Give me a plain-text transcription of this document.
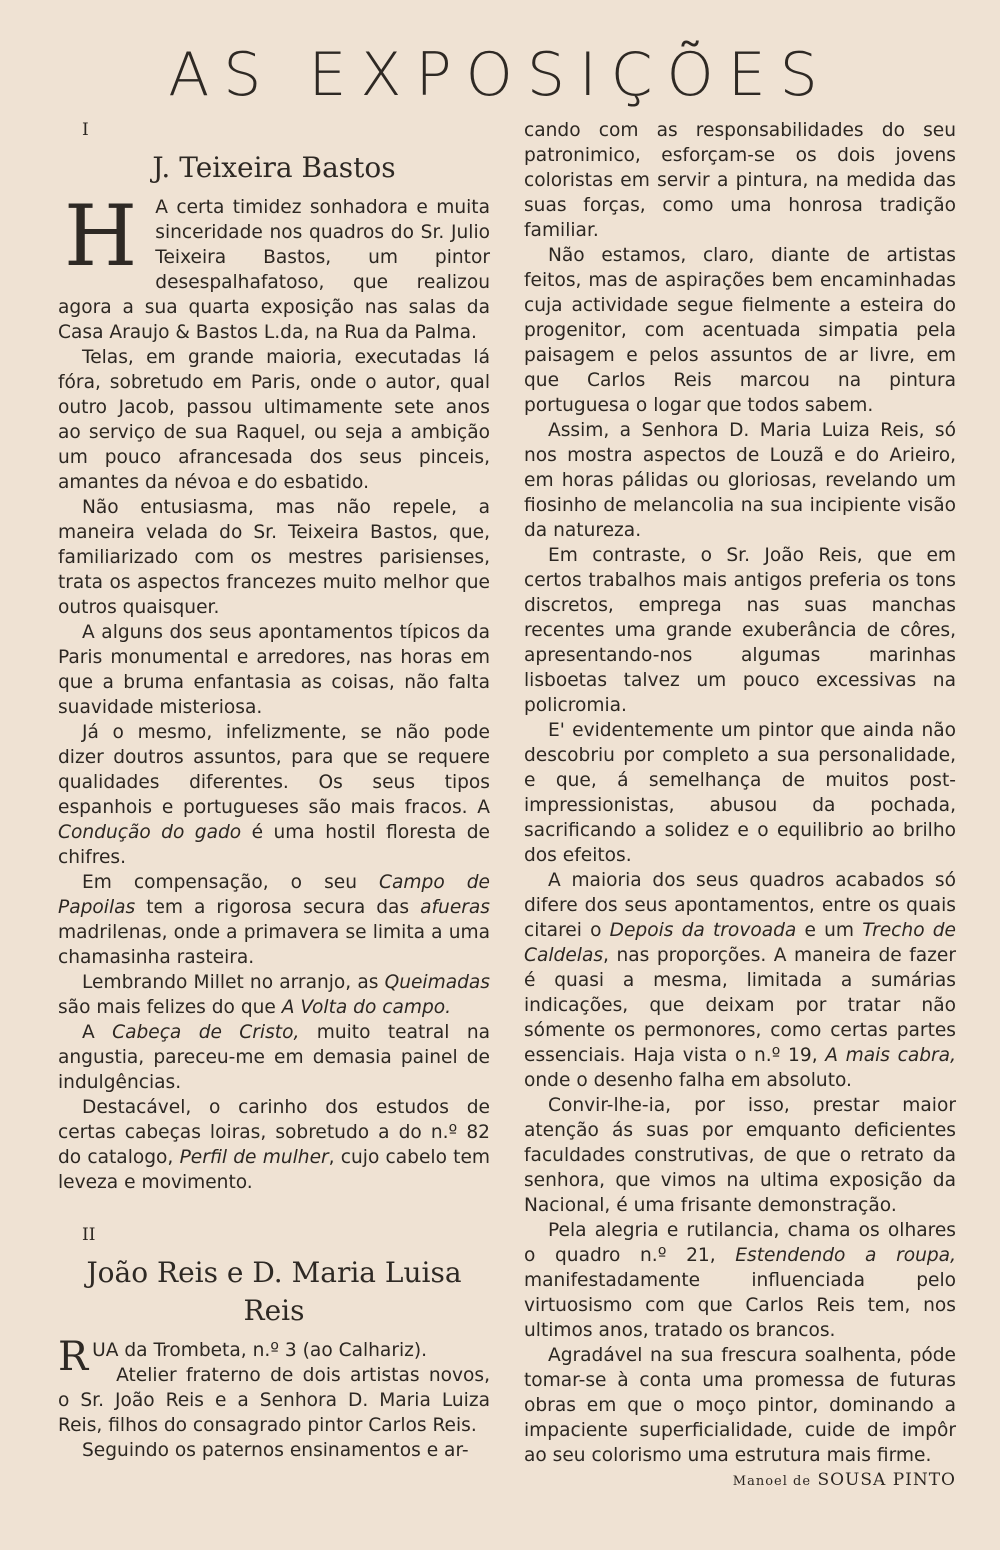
AS EXPOSIÇÕES

I

J. Teixeira Bastos
H A certa timidez sonhadora e muita sinceridade nos quadros do Sr. Julio Teixeira Bastos, um pintor desespalhafatoso, que realizou agora a sua quarta exposição nas salas da Casa Araujo & Bastos L.da, na Rua da Palma.

Telas, em grande maioria, executadas lá fóra, sobretudo em Paris, onde o autor, qual outro Jacob, passou ultimamente sete anos ao serviço de sua Raquel, ou seja a ambição um pouco afrancesada dos seus pinceis, amantes da névoa e do esbatido.

Não entusiasma, mas não repele, a maneira velada do Sr. Teixeira Bastos, que, familiarizado com os mestres parisienses, trata os aspectos francezes muito melhor que outros quaisquer.

A alguns dos seus apontamentos típicos da Paris monumental e arredores, nas horas em que a bruma enfantasia as coisas, não falta suavidade misteriosa.

Já o mesmo, infelizmente, se não pode dizer doutros assuntos, para que se requere qualidades diferentes. Os seus tipos espanhois e portugueses são mais fracos. A Condução do gado é uma hostil floresta de chifres.

Em compensação, o seu Campo de Papoilas tem a rigorosa secura das afueras madrilenas, onde a primavera se limita a uma chamasinha rasteira.

Lembrando Millet no arranjo, as Queimadas são mais felizes do que A Volta do campo.

A Cabeça de Cristo, muito teatral na angustia, pareceu-me em demasia painel de indulgências.

Destacável, o carinho dos estudos de certas cabeças loiras, sobretudo a do n.º 82 do catalogo, Perfil de mulher, cujo cabelo tem leveza e movimento.

II

João Reis e D. Maria Luisa Reis

RUA da Trombeta, n.º 3 (ao Calhariz).

Atelier fraterno de dois artistas novos, o Sr. João Reis e a Senhora D. Maria Luiza Reis, filhos do consagrado pintor Carlos Reis.

Seguindo os paternos ensinamentos e ar-

cando com as responsabilidades do seu patronimico, esforçam-se os dois jovens coloristas em servir a pintura, na medida das suas forças, como uma honrosa tradição familiar.

Não estamos, claro, diante de artistas feitos, mas de aspirações bem encaminhadas cuja actividade segue fielmente a esteira do progenitor, com acentuada simpatia pela paisagem e pelos assuntos de ar livre, em que Carlos Reis marcou na pintura portuguesa o logar que todos sabem.

Assim, a Senhora D. Maria Luiza Reis, só nos mostra aspectos de Louzã e do Arieiro, em horas pálidas ou gloriosas, revelando um fiosinho de melancolia na sua incipiente visão da natureza.

Em contraste, o Sr. João Reis, que em certos trabalhos mais antigos preferia os tons discretos, emprega nas suas manchas recentes uma grande exuberância de côres, apresentando-nos algumas marinhas lisboetas talvez um pouco excessivas na policromia.

E' evidentemente um pintor que ainda não descobriu por completo a sua personalidade, e que, á semelhança de muitos post-impressionistas, abusou da pochada, sacrificando a solidez e o equilibrio ao brilho dos efeitos.

A maioria dos seus quadros acabados só difere dos seus apontamentos, entre os quais citarei o Depois da trovoada e um Trecho de Caldelas, nas proporções. A maneira de fazer é quasi a mesma, limitada a sumárias indicações, que deixam por tratar não sómente os permonores, como certas partes essenciais. Haja vista o n.º 19, A mais cabra, onde o desenho falha em absoluto.

Convir-lhe-ia, por isso, prestar maior atenção ás suas por emquanto deficientes faculdades construtivas, de que o retrato da senhora, que vimos na ultima exposição da Nacional, é uma frisante demonstração.

Pela alegria e rutilancia, chama os olhares o quadro n.º 21, Estendendo a roupa, manifestadamente influenciada pelo virtuosismo com que Carlos Reis tem, nos ultimos anos, tratado os brancos.

Agradável na sua frescura soalhenta, póde tomar-se à conta uma promessa de futuras obras em que o moço pintor, dominando a impaciente superficialidade, cuide de impôr ao seu colorismo uma estrutura mais firme.

Manoel de SOUSA PINTO
